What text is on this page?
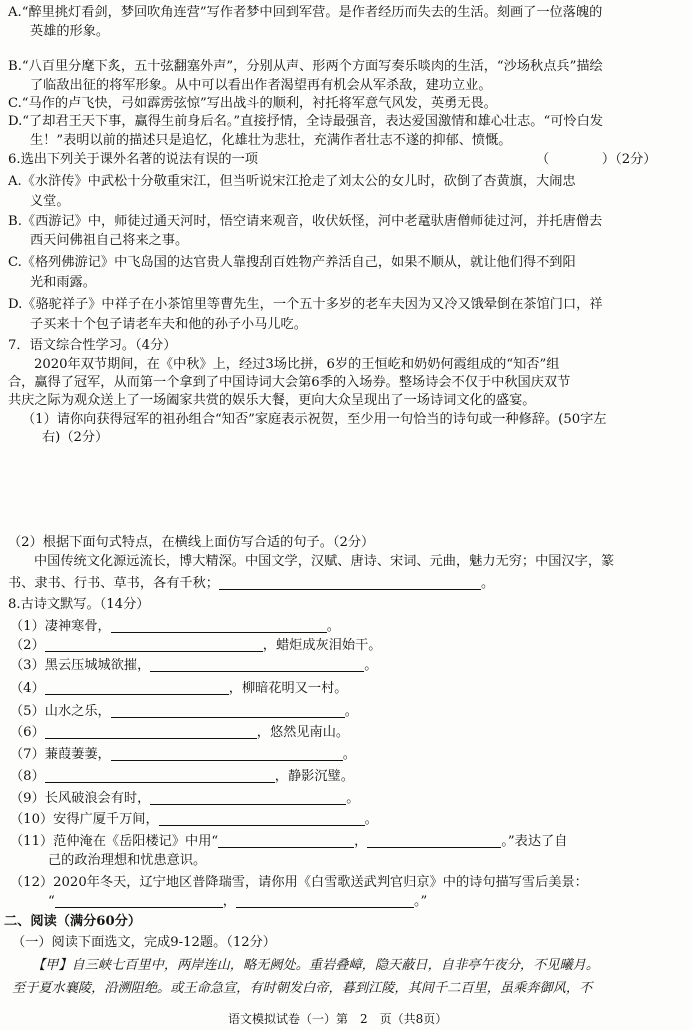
A.“醉里挑灯看剑，梦回吹角连营”写作者梦中回到军营。是作者经历而失去的生活。刻画了一位落魄的
英雄的形象。
B.“八百里分麾下炙，五十弦翻塞外声”，分别从声、形两个方面写奏乐啖肉的生活，“沙场秋点兵”描绘
了临敌出征的将军形象。从中可以看出作者渴望再有机会从军杀敌，建功立业。
C.“马作的卢飞快，弓如霹雳弦惊”写出战斗的顺利，衬托将军意气风发，英勇无畏。
D.“了却君王天下事，赢得生前身后名。”直接抒情，全诗最强音，表达爱国激情和雄心壮志。“可怜白发
生！”表明以前的描述只是追忆，化雄壮为悲壮，充满作者壮志不遂的抑郁、愤慨。
6.选出下列关于课外名著的说法有误的一项	（　　　　）（2分）
A.《水浒传》中武松十分敬重宋江，但当听说宋江抢走了刘太公的女儿时，砍倒了杏黄旗，大闹忠
义堂。
B.《西游记》中，师徒过通天河时，悟空请来观音，收伏妖怪，河中老鼋驮唐僧师徒过河，并托唐僧去
西天问佛祖自己将来之事。
C.《格列佛游记》中飞岛国的达官贵人靠搜刮百姓物产养活自己，如果不顺从，就让他们得不到阳
光和雨露。
D.《骆驼祥子》中祥子在小茶馆里等曹先生，一个五十多岁的老车夫因为又冷又饿晕倒在茶馆门口，祥
子买来十个包子请老车夫和他的孙子小马儿吃。
7．语文综合性学习。（4分）
2020年双节期间，在《中秋》上，经过3场比拼，6岁的王恒屹和奶奶何霞组成的“知否”组
合，赢得了冠军，从而第一个拿到了中国诗词大会第6季的入场券。整场诗会不仅于中秋国庆双节
共庆之际为观众送上了一场阖家共赏的娱乐大餐，更向大众呈现出了一场诗词文化的盛宴。
（1）请你向获得冠军的祖孙组合“知否”家庭表示祝贺，至少用一句恰当的诗句或一种修辞。(50字左
右)（2分）
（2）根据下面句式特点，在横线上面仿写合适的句子。（2分）
中国传统文化源远流长，博大精深。中国文学，汉赋、唐诗、宋词、元曲，魅力无穷；中国汉字，篆
书、隶书、行书、草书，各有千秋；	。
8.古诗文默写。（14分）
（1）凄神寒骨，	。
（2）	，蜡炬成灰泪始干。
（3）黑云压城城欲摧，	。
（4）	，柳暗花明又一村。
（5）山水之乐，	。
（6）	，悠然见南山。
（7）蒹葭萋萋，	。
（8）	，静影沉璧。
（9）长风破浪会有时，	。
（10）安得广厦千万间，	。
（11）范仲淹在《岳阳楼记》中用“	，	。”表达了自
己的政治理想和忧患意识。
（12）2020年冬天，辽宁地区普降瑞雪，请你用《白雪歌送武判官归京》中的诗句描写雪后美景：
“	，	。”
二、阅读（满分60分）
（一）阅读下面选文，完成9-12题。（12分）
【甲】自三峡七百里中，两岸连山，略无阙处。重岩叠嶂，隐天蔽日，自非亭午夜分，不见曦月。
至于夏水襄陵，沿溯阻绝。或王命急宣，有时朝发白帝，暮到江陵，其间千二百里，虽乘奔御风，不
语文模拟试卷（一）第　2　页（共8页）
